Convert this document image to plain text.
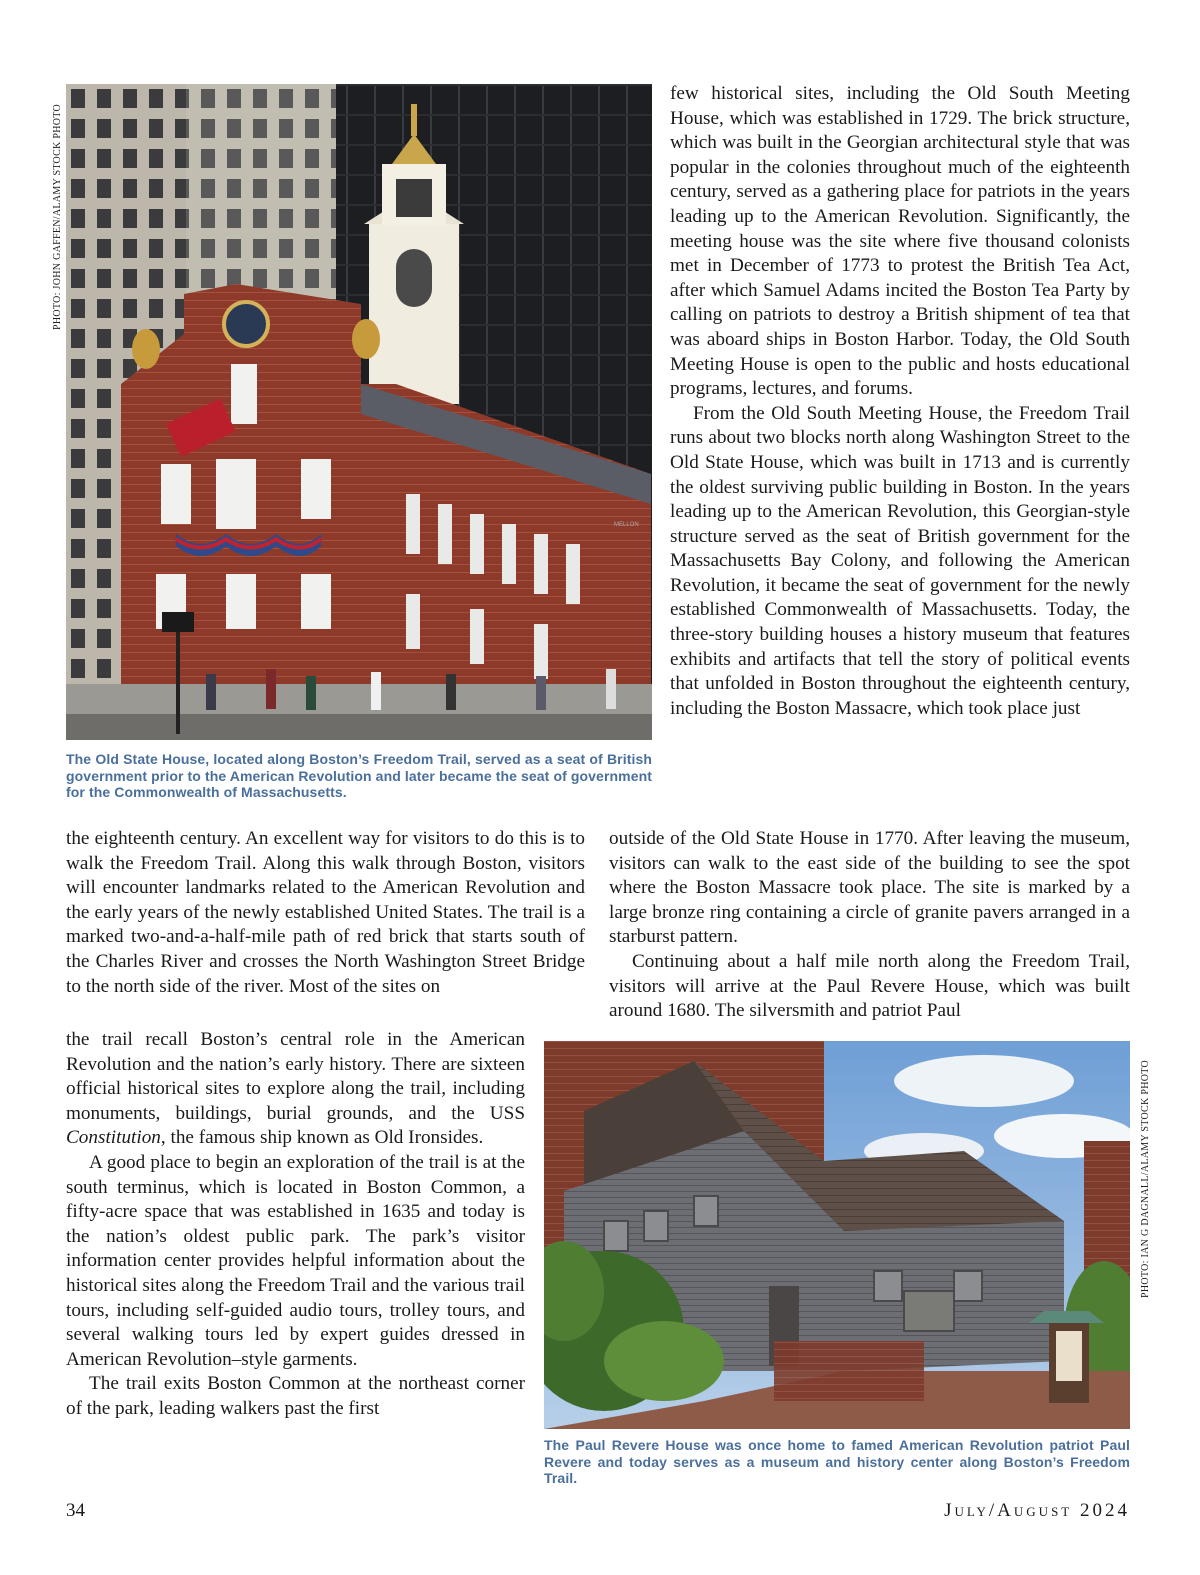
MELLON
PHOTO: JOHN GAFFEN/ALAMY STOCK PHOTO

The Old State House, located along Boston’s Freedom Trail, served as a seat of British government prior to the American Revolution and later became the seat of government for the Commonwealth of Massachusetts.

few historical sites, including the Old South Meeting House, which was established in 1729. The brick structure, which was built in the Georgian architectural style that was popular in the colonies throughout much of the eighteenth century, served as a gathering place for patriots in the years leading up to the American Revolution. Significantly, the meeting house was the site where five thousand colonists met in December of 1773 to protest the British Tea Act, after which Samuel Adams incited the Boston Tea Party by calling on patriots to destroy a British shipment of tea that was aboard ships in Boston Harbor. Today, the Old South Meeting House is open to the public and hosts educational programs, lectures, and forums.

From the Old South Meeting House, the Freedom Trail runs about two blocks north along Washington Street to the Old State House, which was built in 1713 and is currently the oldest surviving public building in Boston. In the years leading up to the American Revolution, this Georgian-style structure served as the seat of British government for the Massachusetts Bay Colony, and following the American Revolution, it became the seat of government for the newly established Commonwealth of Massachusetts. Today, the three-story building houses a history museum that features exhibits and artifacts that tell the story of political events that unfolded in Boston throughout the eighteenth century, including the Boston Massacre, which took place just

outside of the Old State House in 1770. After leaving the museum, visitors can walk to the east side of the building to see the spot where the Boston Massacre took place. The site is marked by a large bronze ring containing a circle of granite pavers arranged in a starburst pattern.

Continuing about a half mile north along the Freedom Trail, visitors will arrive at the Paul Revere House, which was built around 1680. The silversmith and patriot Paul

the eighteenth century. An excellent way for visitors to do this is to walk the Freedom Trail. Along this walk through Boston, visitors will encounter landmarks related to the American Revolution and the early years of the newly established United States. The trail is a marked two-and-a-half-mile path of red brick that starts south of the Charles River and crosses the North Washington Street Bridge to the north side of the river. Most of the sites on

the trail recall Boston’s central role in the American Revolution and the nation’s early history. There are sixteen official historical sites to explore along the trail, including monuments, buildings, burial grounds, and the USS Constitution, the famous ship known as Old Ironsides.

A good place to begin an exploration of the trail is at the south terminus, which is located in Boston Common, a fifty-acre space that was established in 1635 and today is the nation’s oldest public park. The park’s visitor information center provides helpful information about the historical sites along the Freedom Trail and the various trail tours, including self-guided audio tours, trolley tours, and several walking tours led by expert guides dressed in American Revolution–style garments.

The trail exits Boston Common at the northeast corner of the park, leading walkers past the first

PHOTO: IAN G DAGNALL/ALAMY STOCK PHOTO

The Paul Revere House was once home to famed American Revolution patriot Paul Revere and today serves as a museum and history center along Boston’s Freedom Trail.

34	July/August 2024
